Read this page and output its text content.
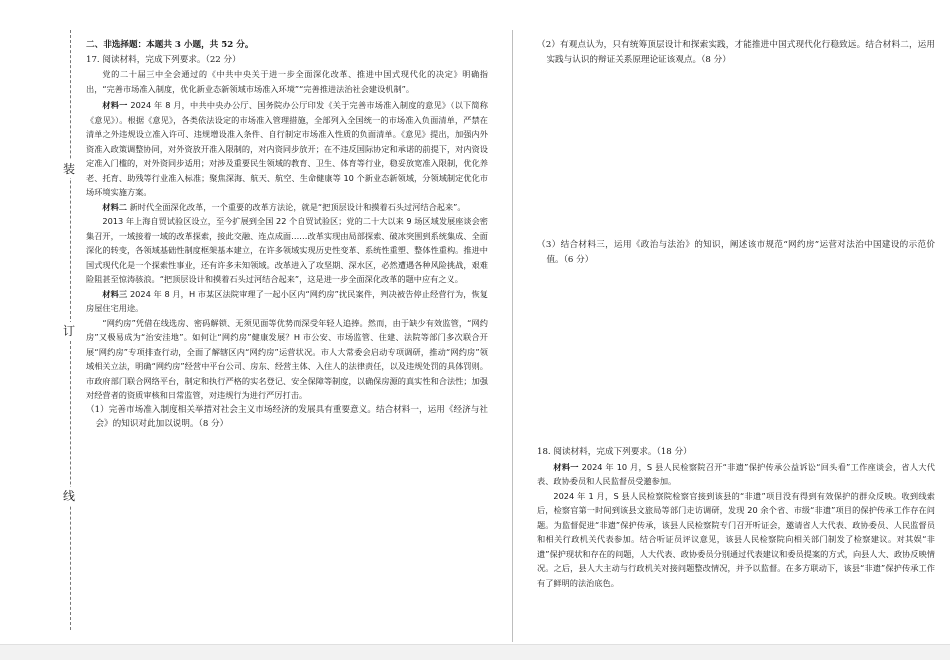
装
订
线

二、非选择题：本题共 3 小题，共 52 分。

17. 阅读材料，完成下列要求。（22 分）

党的二十届三中全会通过的《中共中央关于进一步全面深化改革、推进中国式现代化的决定》明确指出，“完善市场准入制度，优化新业态新领域市场准入环境”“完善推进法治社会建设机制”。

材料一 2024 年 8 月，中共中央办公厅、国务院办公厅印发《关于完善市场准入制度的意见》（以下简称《意见》）。根据《意见》，各类依法设定的市场准入管理措施，全部列入全国统一的市场准入负面清单，严禁在清单之外违规设立准入许可、违规增设准入条件、自行制定市场准入性质的负面清单。《意见》提出，加强内外资准入政策调整协同，对外资放开准入限制的，对内资同步放开；在不违反国际协定和承诺的前提下，对内资设定准入门槛的，对外资同步适用；对涉及重要民生领域的教育、卫生、体育等行业，稳妥放宽准入限制，优化养老、托育、助残等行业准入标准；聚焦深海、航天、航空、生命健康等 10 个新业态新领域，分领域制定优化市场环境实施方案。

材料二 新时代全面深化改革，一个重要的改革方法论，就是“把顶层设计和摸着石头过河结合起来”。

2013 年上海自贸试验区设立，至今扩展到全国 22 个自贸试验区；党的二十大以来 9 场区域发展座谈会密集召开，一域接着一域的改革探索，接此交融、连点成面……改革实现由局部探索、破冰突围到系统集成、全面深化的转变，各领域基础性制度框架基本建立，在许多领域实现历史性变革、系统性重塑、整体性重构。推进中国式现代化是一个探索性事业，还有许多未知领域。改革进入了攻坚期、深水区，必然遭遇各种风险挑战，艰难险阻甚至惊涛骇浪。“把顶层设计和摸着石头过河结合起来”，这是进一步全面深化改革的题中应有之义。

材料三 2024 年 8 月，H 市某区法院审理了一起小区内“网约房”扰民案件，判决被告停止经营行为，恢复房屋住宅用途。

“网约房”凭借在线选房、密码解锁、无须见面等优势而深受年轻人追捧。然而，由于缺少有效监管，“网约房”又极易成为“治安洼地”。如何让“网约房”健康发展？H 市公安、市场监管、住建、法院等部门多次联合开展“网约房”专项排查行动，全面了解辖区内“网约房”运营状况。市人大常委会启动专项调研，推动“网约房”领域相关立法，明确“网约房”经营中平台公司、房东、经营主体、入住人的法律责任，以及违规处罚的具体罚则。市政府部门联合网络平台，制定和执行严格的实名登记、安全保障等制度，以确保房源的真实性和合法性；加强对经营者的资质审核和日常监管，对违规行为进行严厉打击。

（1）完善市场准入制度相关举措对社会主义市场经济的发展具有重要意义。结合材料一，运用《经济与社会》的知识对此加以说明。（8 分）

（2）有观点认为，只有统筹顶层设计和探索实践，才能推进中国式现代化行稳致远。结合材料二，运用实践与认识的辩证关系原理论证该观点。（8 分）

（3）结合材料三，运用《政治与法治》的知识，阐述该市规范“网约房”运营对法治中国建设的示范价值。（6 分）

18. 阅读材料，完成下列要求。（18 分）

材料一 2024 年 10 月，S 县人民检察院召开“非遗”保护传承公益诉讼“回头看”工作座谈会，省人大代表、政协委员和人民监督员受邀参加。

2024 年 1 月，S 县人民检察院检察官接到该县的“非遗”项目没有得到有效保护的群众反映。收到线索后，检察官第一时间到该县文旅局等部门走访调研，发现 20 余个省、市级“非遗”项目的保护传承工作存在问题。为监督促进“非遗”保护传承，该县人民检察院专门召开听证会，邀请省人大代表、政协委员、人民监督员和相关行政机关代表参加。结合听证员评议意见，该县人民检察院向相关部门制发了检察建议。对其娱“非遗”保护现状和存在的问题，人大代表、政协委员分别通过代表建议和委员提案的方式，向县人大、政协反映情况。之后，县人大主动与行政机关对接问题整改情况，并予以监督。在多方联动下，该县“非遗”保护传承工作有了鲜明的法治底色。
